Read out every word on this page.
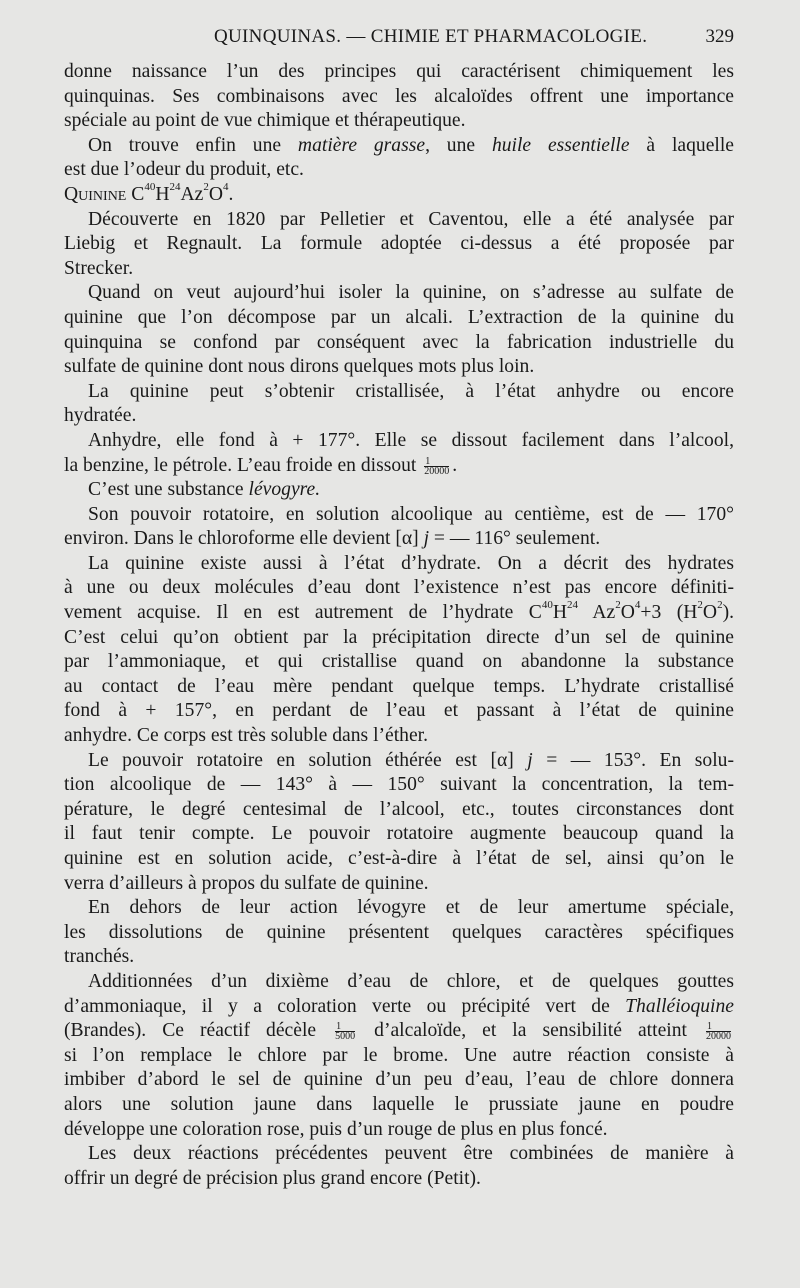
QUINQUINAS. — CHIMIE ET PHARMACOLOGIE.	329
donne naissance l’un des principes qui caractérisent chimiquement les
quinquinas. Ses combinaisons avec les alcaloïdes offrent une importance
spéciale au point de vue chimique et thérapeutique.
On trouve enfin une matière grasse, une huile essentielle à laquelle
est due l’odeur du produit, etc.
Quinine $C^{40}H^{24}Az^2O^4$.
Découverte en 1820 par Pelletier et Caventou, elle a été analysée par
Liebig et Regnault. La formule adoptée ci-dessus a été proposée par
Strecker.
Quand on veut aujourd’hui isoler la quinine, on s’adresse au sulfate de
quinine que l’on décompose par un alcali. L’extraction de la quinine du
quinquina se confond par conséquent avec la fabrication industrielle du
sulfate de quinine dont nous dirons quelques mots plus loin.
La quinine peut s’obtenir cristallisée, à l’état anhydre ou encore
hydratée.
Anhydre, elle fond à + 177°. Elle se dissout facilement dans l’alcool,
la benzine, le pétrole. L’eau froide en dissout $\frac{1}{20000}$ .
C’est une substance lévogyre.
Son pouvoir rotatoire, en solution alcoolique au centième, est de — 170°
environ. Dans le chloroforme elle devient [α] j = — 116° seulement.
La quinine existe aussi à l’état d’hydrate. On a décrit des hydrates
à une ou deux molécules d’eau dont l’existence n’est pas encore définiti-
vement acquise. Il en est autrement de l’hydrate $C^{40}H^{24}$ $Az^2O^4+3$ $(H^2O^2)$.
C’est celui qu’on obtient par la précipitation directe d’un sel de quinine
par l’ammoniaque, et qui cristallise quand on abandonne la substance
au contact de l’eau mère pendant quelque temps. L’hydrate cristallisé
fond à + 157°, en perdant de l’eau et passant à l’état de quinine
anhydre. Ce corps est très soluble dans l’éther.
Le pouvoir rotatoire en solution éthérée est [α] j = — 153°. En solu-
tion alcoolique de — 143° à — 150° suivant la concentration, la tem-
pérature, le degré centesimal de l’alcool, etc., toutes circonstances dont
il faut tenir compte. Le pouvoir rotatoire augmente beaucoup quand la
quinine est en solution acide, c’est-à-dire à l’état de sel, ainsi qu’on le
verra d’ailleurs à propos du sulfate de quinine.
En dehors de leur action lévogyre et de leur amertume spéciale,
les dissolutions de quinine présentent quelques caractères spécifiques
tranchés.
Additionnées d’un dixième d’eau de chlore, et de quelques gouttes
d’ammoniaque, il y a coloration verte ou précipité vert de Thalléioquine
(Brandes). Ce réactif décèle $\frac{1}{5000}$ d’alcaloïde, et la sensibilité atteint $\frac{1}{20000}$
si l’on remplace le chlore par le brome. Une autre réaction consiste à
imbiber d’abord le sel de quinine d’un peu d’eau, l’eau de chlore donnera
alors une solution jaune dans laquelle le prussiate jaune en poudre
développe une coloration rose, puis d’un rouge de plus en plus foncé.
Les deux réactions précédentes peuvent être combinées de manière à
offrir un degré de précision plus grand encore (Petit).
